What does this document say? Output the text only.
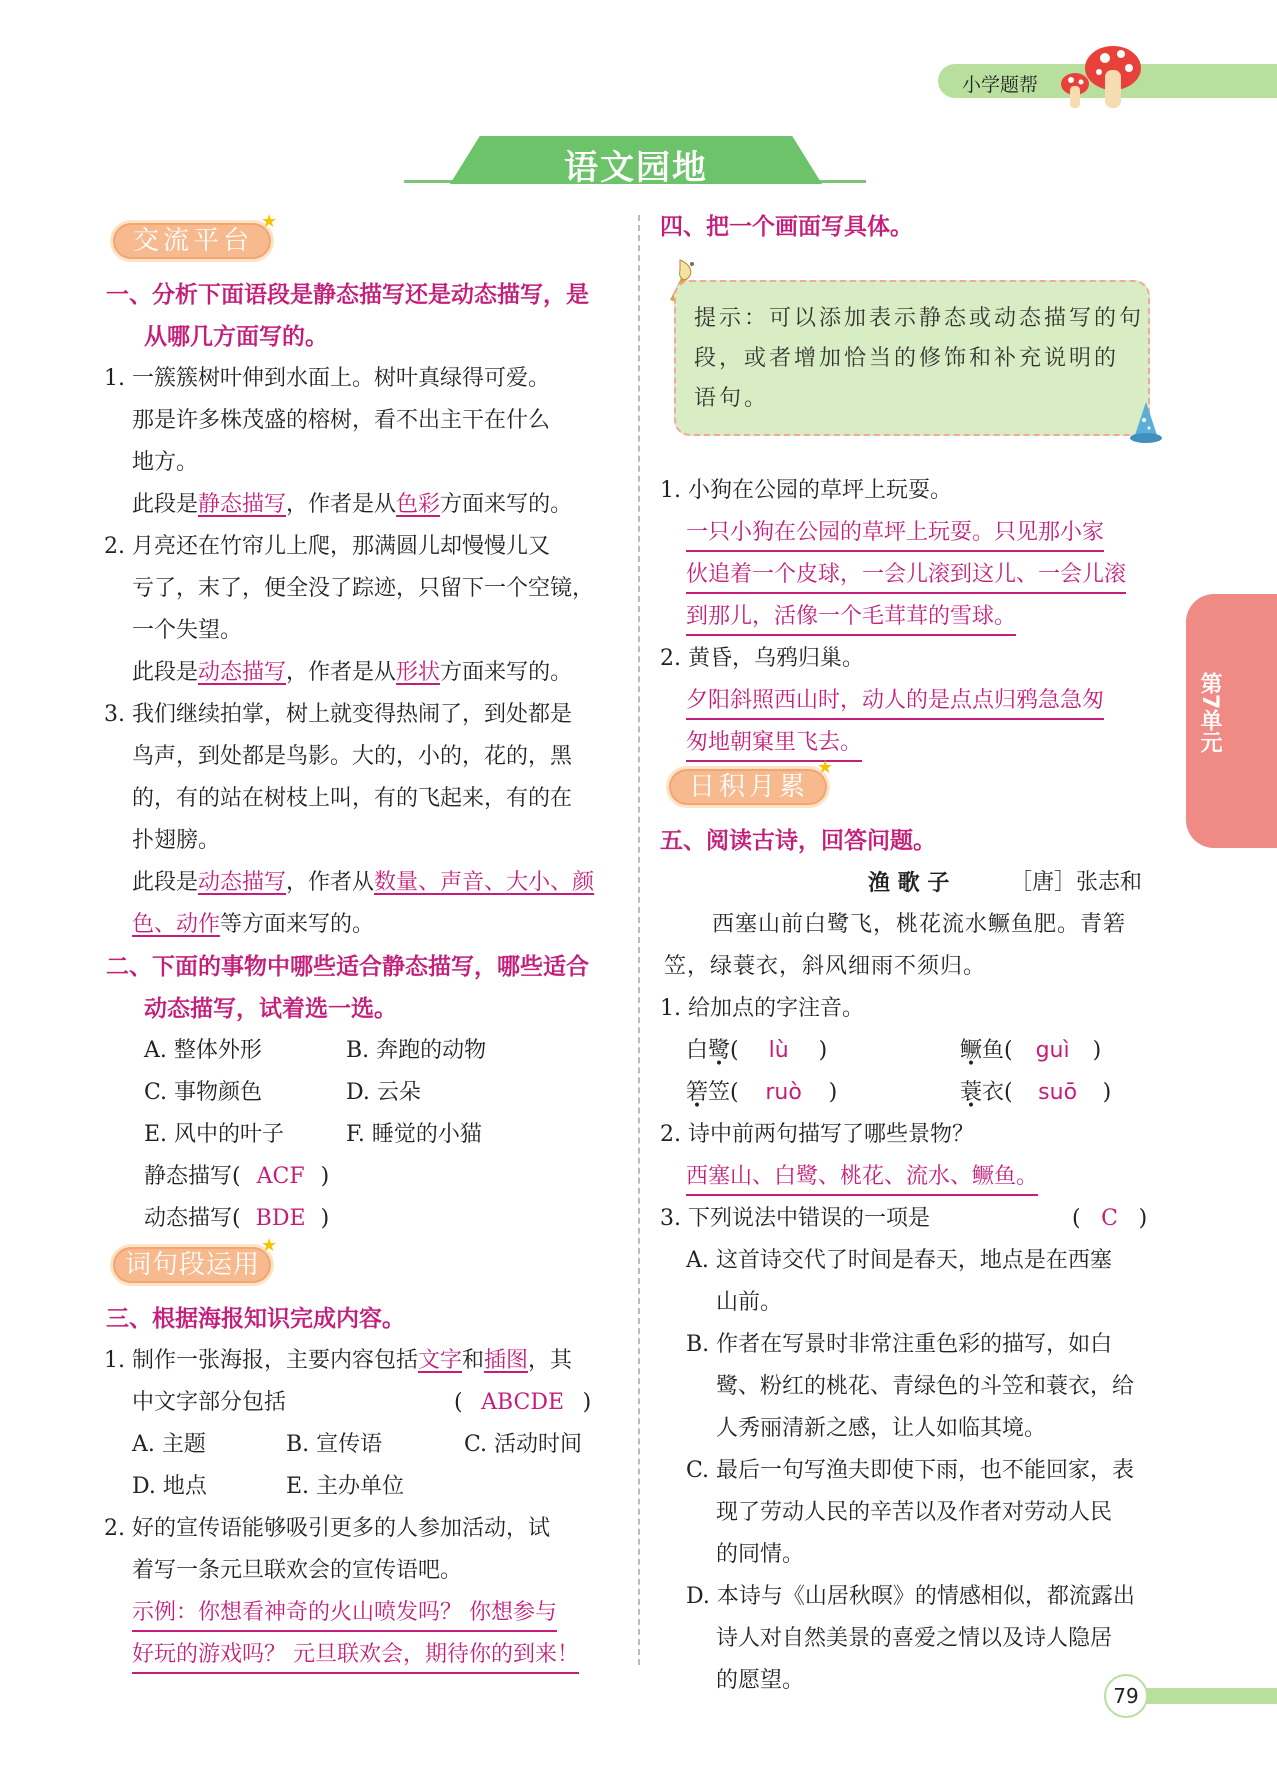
小学题帮
语文园地
第7单元
交流平台
★
一、分析下面语段是静态描写还是动态描写，是
从哪几方面写的。
1. 一簇簇树叶伸到水面上。树叶真绿得可爱。
那是许多株茂盛的榕树，看不出主干在什么
地方。
此段是静态描写，作者是从色彩方面来写的。
2. 月亮还在竹帘儿上爬，那满圆儿却慢慢儿又
亏了，末了，便全没了踪迹，只留下一个空镜，
一个失望。
此段是动态描写，作者是从形状方面来写的。
3. 我们继续拍掌，树上就变得热闹了，到处都是
鸟声，到处都是鸟影。大的，小的，花的，黑
的，有的站在树枝上叫，有的飞起来，有的在
扑翅膀。
此段是动态描写，作者从数量、声音、大小、颜
色、动作等方面来写的。
二、下面的事物中哪些适合静态描写，哪些适合
动态描写，试着选一选。
A. 整体外形	B. 奔跑的动物
C. 事物颜色	D. 云朵
E. 风中的叶子	F. 睡觉的小猫
静态描写( ACF )
动态描写( BDE )
词句段运用
★
三、根据海报知识完成内容。
1. 制作一张海报，主要内容包括文字和插图，其
中文字部分包括	( ABCDE )
A. 主题	B. 宣传语	C. 活动时间
D. 地点	E. 主办单位
2. 好的宣传语能够吸引更多的人参加活动，试
着写一条元旦联欢会的宣传语吧。
示例：你想看神奇的火山喷发吗？ 你想参与
好玩的游戏吗？ 元旦联欢会，期待你的到来！
四、把一个画面写具体。
提示：可以添加表示静态或动态描写的句
段，或者增加恰当的修饰和补充说明的
语句。
1. 小狗在公园的草坪上玩耍。
一只小狗在公园的草坪上玩耍。只见那小家
伙追着一个皮球，一会儿滚到这儿、一会儿滚
到那儿，活像一个毛茸茸的雪球。
2. 黄昏，乌鸦归巢。
夕阳斜照西山时，动人的是点点归鸦急急匆
匆地朝窠里飞去。
日积月累
★
五、阅读古诗，回答问题。
渔 歌 子	［唐］张志和
西塞山前白鹭飞，桃花流水鳜鱼肥。青箬
笠，绿蓑衣，斜风细雨不须归。
1. 给加点的字注音。
白鹭( lù )	鳜鱼( guì )
箬笠( ruò )	蓑衣( suō )
2. 诗中前两句描写了哪些景物？
西塞山、白鹭、桃花、流水、鳜鱼。
3. 下列说法中错误的一项是	( C )
A. 这首诗交代了时间是春天，地点是在西塞
山前。
B. 作者在写景时非常注重色彩的描写，如白
鹭、粉红的桃花、青绿色的斗笠和蓑衣，给
人秀丽清新之感，让人如临其境。
C. 最后一句写渔夫即使下雨，也不能回家，表
现了劳动人民的辛苦以及作者对劳动人民
的同情。
D. 本诗与《山居秋暝》的情感相似，都流露出
诗人对自然美景的喜爱之情以及诗人隐居
的愿望。
79
